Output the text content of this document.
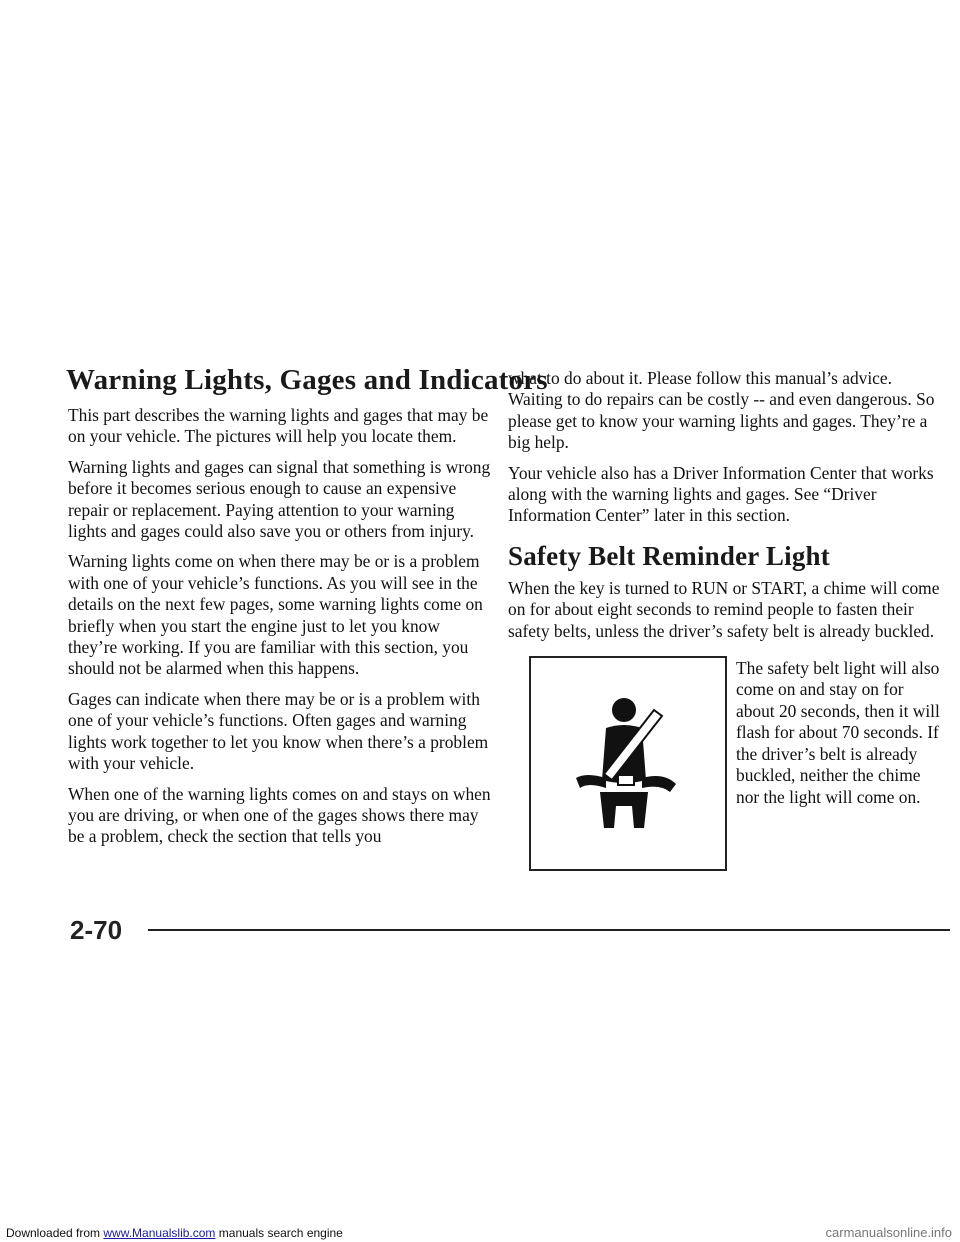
Warning Lights, Gages and Indicators

This part describes the warning lights and gages that may be on your vehicle. The pictures will help you locate them.

Warning lights and gages can signal that something is wrong before it becomes serious enough to cause an expensive repair or replacement. Paying attention to your warning lights and gages could also save you or others from injury.

Warning lights come on when there may be or is a problem with one of your vehicle’s functions. As you will see in the details on the next few pages, some warning lights come on briefly when you start the engine just to let you know they’re working. If you are familiar with this section, you should not be alarmed when this happens.

Gages can indicate when there may be or is a problem with one of your vehicle’s functions. Often gages and warning lights work together to let you know when there’s a problem with your vehicle.

When one of the warning lights comes on and stays on when you are driving, or when one of the gages shows there may be a problem, check the section that tells you

what to do about it. Please follow this manual’s advice. Waiting to do repairs can be costly -- and even dangerous. So please get to know your warning lights and gages. They’re a big help.

Your vehicle also has a Driver Information Center that works along with the warning lights and gages. See “Driver Information Center” later in this section.

Safety Belt Reminder Light

When the key is turned to RUN or START, a chime will come on for about eight seconds to remind people to fasten their safety belts, unless the driver’s safety belt is already buckled.

The safety belt light will also come on and stay on for about 20 seconds, then it will flash for about 70 seconds. If the driver’s belt is already buckled, neither the chime nor the light will come on.
2-70
Downloaded from www.Manualslib.com manuals search engine	carmanualsonline.info
